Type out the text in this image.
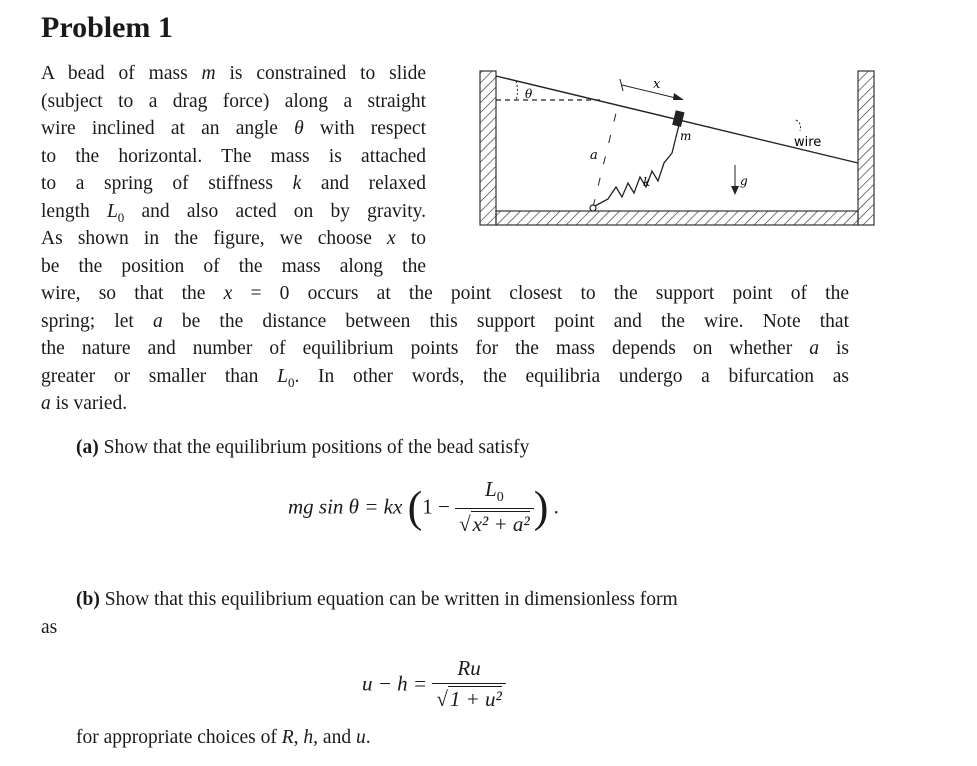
Problem 1
A bead of mass m is constrained to slide
(subject to a drag force) along a straight
wire inclined at an angle θ with respect
to the horizontal. The mass is attached
to a spring of stiffness k and relaxed
length $L_0$ and also acted on by gravity.
As shown in the figure, we choose x to
be the position of the mass along the
wire, so that the x = 0 occurs at the point closest to the support point of the
spring; let a be the distance between this support point and the wire. Note that
the nature and number of equilibrium points for the mass depends on whether a is
greater or smaller than $L_0$. In other words, the equilibria undergo a bifurcation as
a is varied.
θ
x
a
k
m
g
wire
(a) Show that the equilibrium positions of the bead satisfy
mg sin θ = kx ($1 - \frac{L_0}{\text{√x² + a²}}$ ) .
(b) Show that this equilibrium equation can be written in dimensionless form
as
$u - h = \frac{Ru}{\text{√1 + u²}}$
for appropriate choices of R, h, and u.
